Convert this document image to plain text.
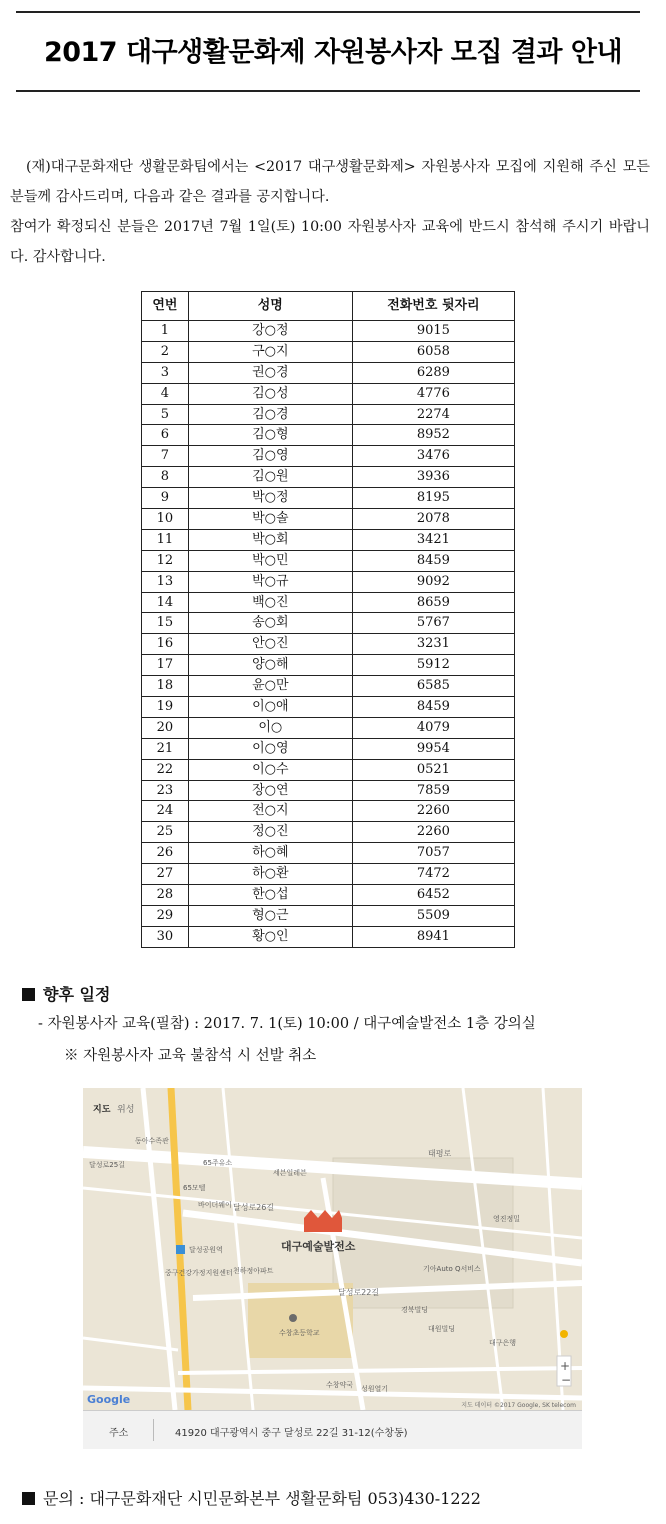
2017 대구생활문화제 자원봉사자 모집 결과 안내

(재)대구문화재단 생활문화팀에서는 <2017 대구생활문화제> 자원봉사자 모집에 지원해 주신 모든 분들께 감사드리며, 다음과 같은 결과를 공지합니다.

참여가 확정되신 분들은 2017년 7월 1일(토) 10:00 자원봉사자 교육에 반드시 참석해 주시기 바랍니다. 감사합니다.

연번	성명	전화번호 뒷자리
1	강○정	9015
2	구○지	6058
3	권○경	6289
4	김○성	4776
5	김○경	2274
6	김○형	8952
7	김○영	3476
8	김○원	3936
9	박○정	8195
10	박○솔	2078
11	박○회	3421
12	박○민	8459
13	박○규	9092
14	백○진	8659
15	송○회	5767
16	안○진	3231
17	양○해	5912
18	윤○만	6585
19	이○애	8459
20	이○	4079
21	이○영	9954
22	이○수	0521
23	장○연	7859
24	전○지	2260
25	정○진	2260
26	하○혜	7057
27	하○환	7472
28	한○섭	6452
29	형○근	5509
30	황○인	8941
향후 일정
- 자원봉사자 교육(필참) : 2017. 7. 1(토) 10:00 / 대구예술발전소 1층 강의실
※ 자원봉사자 교육 불참석 시 선발 취소
+
−
지도 위성
대구예술발전소
태평로
달성로26길
달성로22길
달성공원역
수창초등학교
경북빌딩
대원빌딩
중구건강가정지원센터
수창약국 성원열기
동아수족관
65주유소
세븐일레븐
바이더웨이
65모텔
달성로25길
천하정아파트	기아Auto Q서비스
영진정밀
대구은행
Google	지도 데이터 ©2017 Google, SK telecom
주소	41920 대구광역시 중구 달성로 22길 31-12(수창동)
문의 : 대구문화재단 시민문화본부 생활문화팀 053)430-1222
